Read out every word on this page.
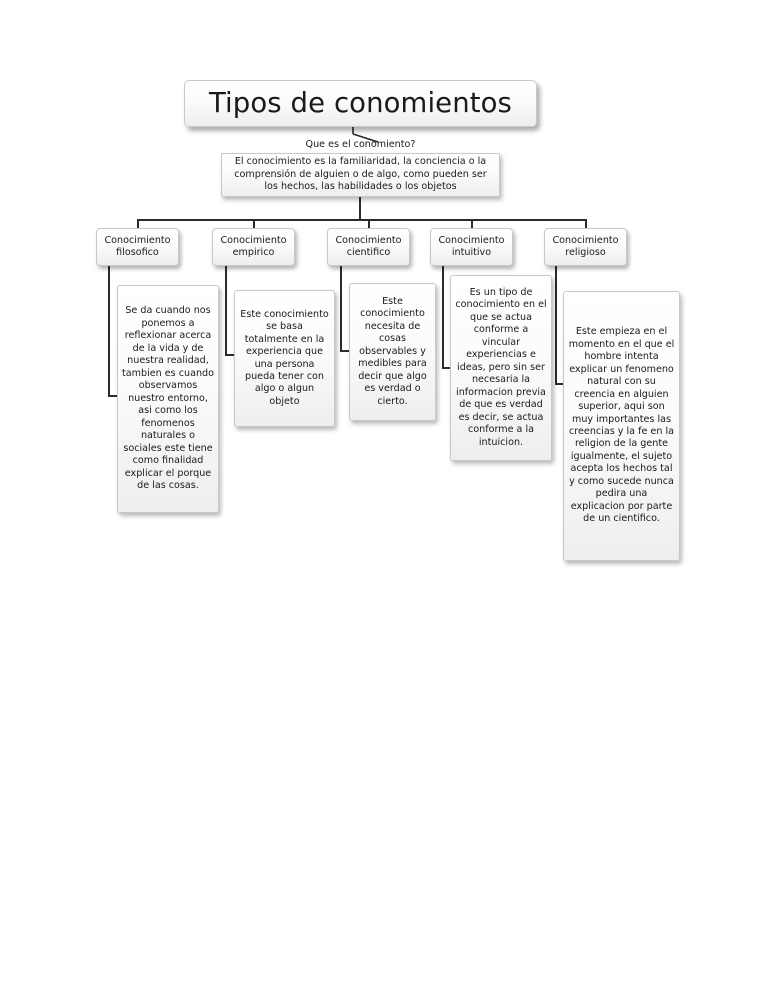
Tipos de conomientos
Que es el conomiento?
El conocimiento es la familiaridad, la conciencia o la comprensión de alguien o de algo, como pueden ser los hechos, las habilidades o los objetos
Conocimiento filosofico
Conocimiento empirico
Conocimiento cientifico
Conocimiento intuitivo
Conocimiento religioso
Se da cuando nos ponemos a reflexionar acerca de la vida y de nuestra realidad, tambien es cuando observamos nuestro entorno, asi como los fenomenos naturales o sociales este tiene como finalidad explicar el porque de las cosas.
Este conocimiento se basa totalmente en la experiencia que una persona pueda tener con algo o algun objeto
Este conocimiento necesita de cosas observables y medibles para decir que algo es verdad o cierto.
Es un tipo de conocimiento en el que se actua conforme a vincular experiencias e ideas, pero sin ser necesaria la informacion previa de que es verdad es decir, se actua conforme a la intuicion.
Este empieza en el momento en el que el hombre intenta explicar un fenomeno natural con su creencia en alguien superior, aqui son muy importantes las creencias y la fe en la religion de la gente igualmente, el sujeto acepta los hechos tal y como sucede nunca pedira una explicacion por parte de un cientifico.
